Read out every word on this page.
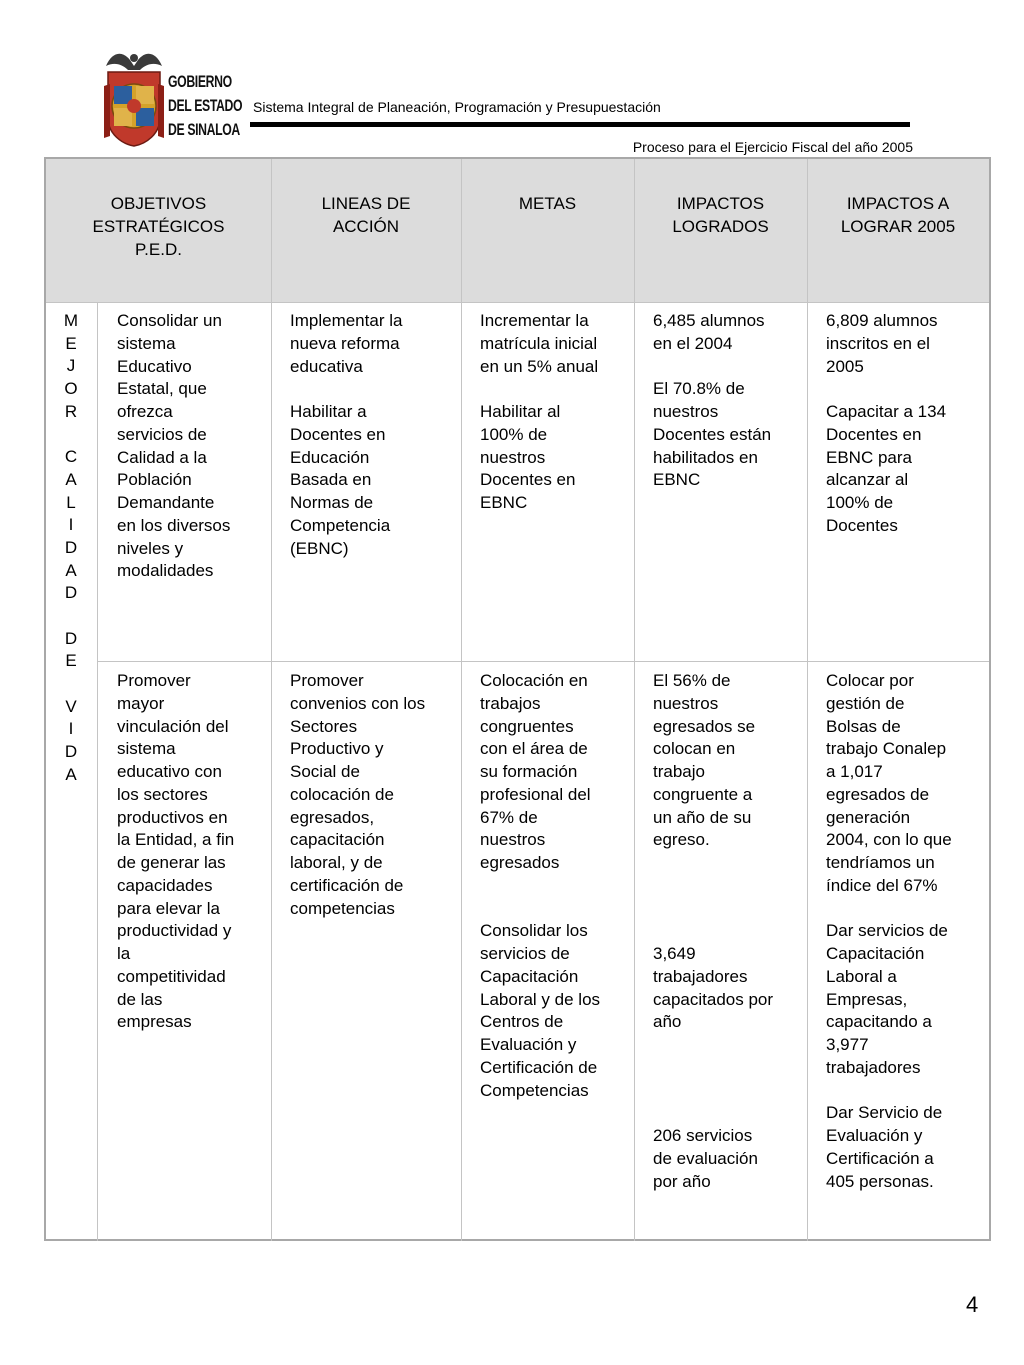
GOBIERNO
DEL ESTADO
DE SINALOA
Sistema Integral de Planeación, Programación y Presupuestación
Proceso para el Ejercicio Fiscal del año 2005
OBJETIVOS
ESTRATÉGICOS
P.E.D.
LINEAS DE
ACCIÓN
METAS	IMPACTOS
LOGRADOS
IMPACTOS A
LOGRAR 2005
M
E
J
O
R
C
A
L
I
D
A
D
D
E
V
I
D
A
Consolidar un
sistema
Educativo
Estatal, que
ofrezca
servicios de
Calidad a la
Población
Demandante
en los diversos
niveles y
modalidades
Implementar la
nueva reforma
educativa

Habilitar a
Docentes en
Educación
Basada en
Normas de
Competencia
(EBNC)
Incrementar la
matrícula inicial
en un 5% anual

Habilitar al
100% de
nuestros
Docentes en
EBNC
6,485 alumnos
en el 2004

El 70.8% de
nuestros
Docentes están
habilitados en
EBNC
6,809 alumnos
inscritos en el
2005

Capacitar a 134
Docentes en
EBNC para
alcanzar al
100% de
Docentes
Promover
mayor
vinculación del
sistema
educativo con
los sectores
productivos en
la Entidad, a fin
de generar las
capacidades
para elevar la
productividad y
la
competitividad
de las
empresas
Promover
convenios con los
Sectores
Productivo y
Social de
colocación de
egresados,
capacitación
laboral, y de
certificación de
competencias
Colocación en
trabajos
congruentes
con el área de
su formación
profesional del
67% de
nuestros
egresados

Consolidar los
servicios de
Capacitación
Laboral y de los
Centros de
Evaluación y
Certificación de
Competencias
El 56% de
nuestros
egresados se
colocan en
trabajo
congruente a
un año de su
egreso.

3,649
trabajadores
capacitados por
año

206 servicios
de evaluación
por año
Colocar por
gestión de
Bolsas de
trabajo Conalep
a 1,017
egresados de
generación
2004, con lo que
tendríamos un
índice del 67%

Dar servicios de
Capacitación
Laboral a
Empresas,
capacitando a
3,977
trabajadores

Dar Servicio de
Evaluación y
Certificación a
405 personas.
4
